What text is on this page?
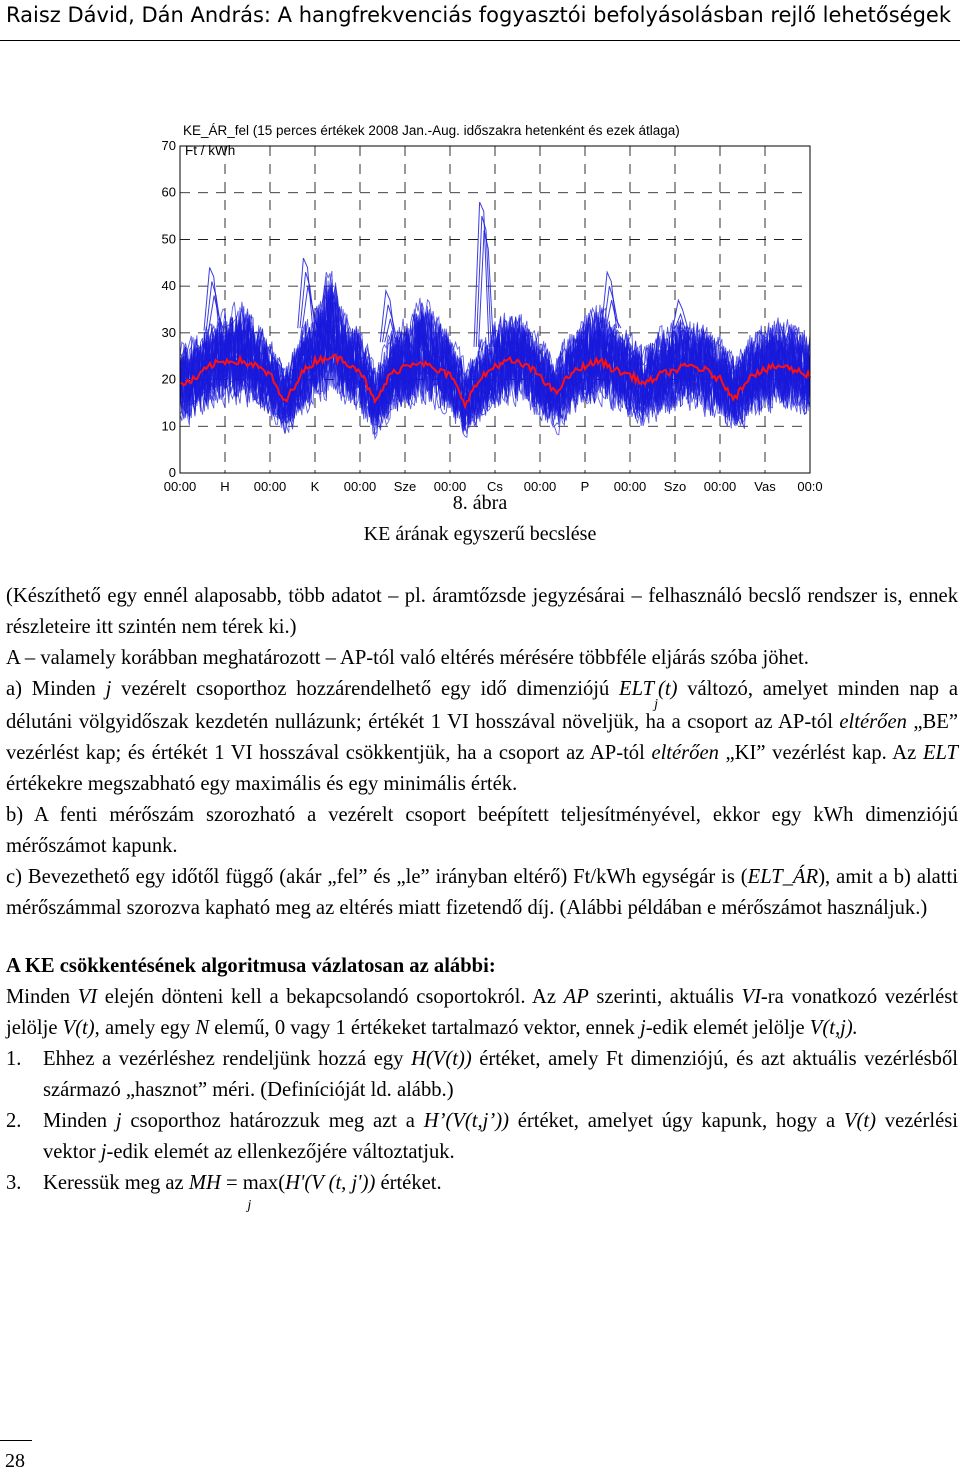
Raisz Dávid, Dán András: A hangfrekvenciás fogyasztói befolyásolásban rejlő lehetőségek
KE_ÁR_fel (15 perces értékek 2008 Jan.-Aug. időszakra hetenként és ezek átlaga)
Ft / kWh
0
10
20
30
40
50
60
70
00:00 H 00:00 K 00:00 Sze 00:00 Cs 00:00 P 00:00 Szo 00:00 Vas 00:0
8. ábra
KE árának egyszerű becslése

(Készíthető egy ennél alaposabb, több adatot – pl. áramtőzsde jegyzésárai – felhasználó becslő rendszer is, ennek részleteire itt szintén nem térek ki.)

A – valamely korábban meghatározott – AP-tól való eltérés mérésére többféle eljárás szóba jöhet.

a) Minden j vezérelt csoporthoz hozzárendelhető egy idő dimenziójú $ELT_j(t)$ változó, amelyet minden nap a délutáni völgyidőszak kezdetén nullázunk; értékét 1 VI hosszával növeljük, ha a csoport az AP-tól eltérően „BE” vezérlést kap; és értékét 1 VI hosszával csökkentjük, ha a csoport az AP-tól eltérően „KI” vezérlést kap. Az ELT értékekre megszabható egy maximális és egy minimális érték.

b) A fenti mérőszám szorozható a vezérelt csoport beépített teljesítményével, ekkor egy kWh dimenziójú mérőszámot kapunk.

c) Bevezethető egy időtől függő (akár „fel” és „le” irányban eltérő) Ft/kWh egységár is (ELT_ÁR), amit a b) alatti mérőszámmal szorozva kapható meg az eltérés miatt fizetendő díj. (Alábbi példában e mérőszámot használjuk.)

A KE csökkentésének algoritmusa vázlatosan az alábbi:

Minden VI elején dönteni kell a bekapcsolandó csoportokról. Az AP szerinti, aktuális VI-ra vonatkozó vezérlést jelölje V(t), amely egy N elemű, 0 vagy 1 értékeket tartalmazó vektor, ennek j-edik elemét jelölje V(t,j).

1. Ehhez a vezérléshez rendeljünk hozzá egy H(V(t)) értéket, amely Ft dimenziójú, és azt aktuális vezérlésből származó „hasznot” méri. (Definícióját ld. alább.)

2. Minden j csoporthoz határozzuk meg azt a H’(V(t,j’)) értéket, amelyet úgy kapunk, hogy a V(t) vezérlési vektor j-edik elemét az ellenkezőjére változtatjuk.

3. Keressük meg az MH = max(H'(V (t, j'))j értéket.

28
